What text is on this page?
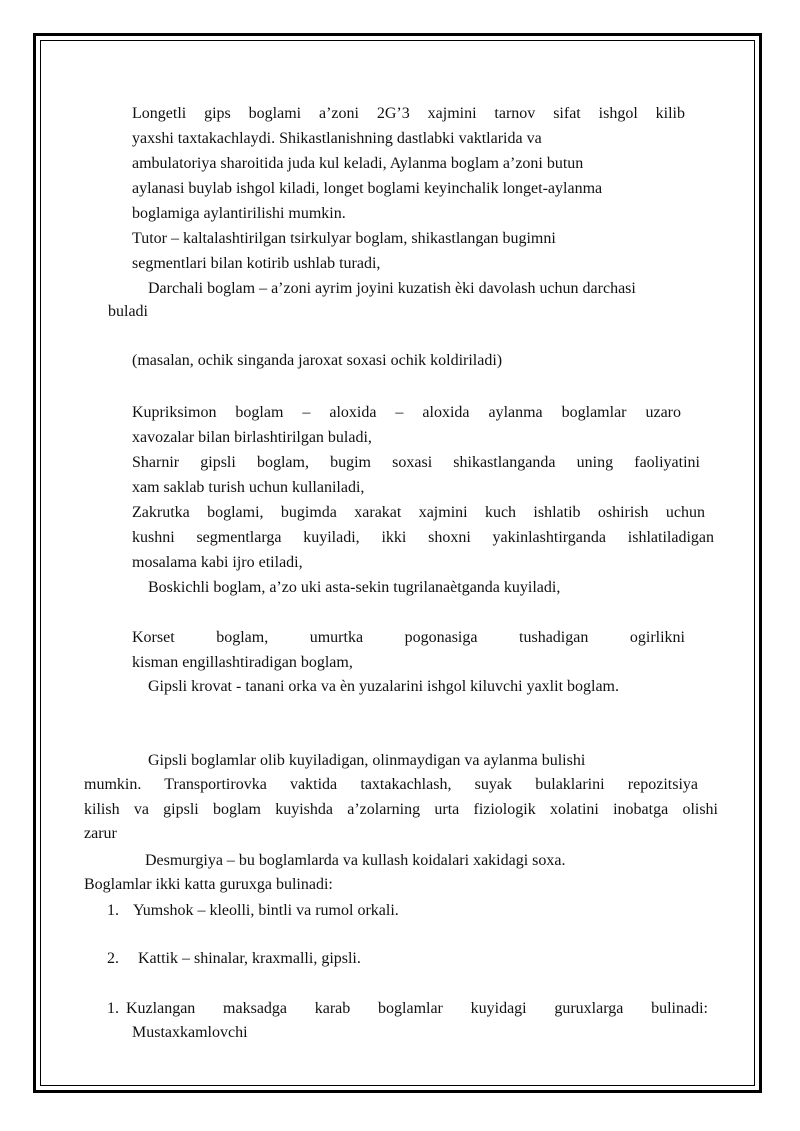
Longetli gips boglami a’zoni 2G’3 xajmini tarnov sifat ishgol kilib
yaxshi taxtakachlaydi. Shikastlanishning dastlabki vaktlarida va
ambulatoriya sharoitida juda kul keladi, Aylanma boglam a’zoni butun
aylanasi buylab ishgol kiladi, longet boglami keyinchalik longet-aylanma
boglamiga aylantirilishi mumkin.
Tutor – kaltalashtirilgan tsirkulyar boglam, shikastlangan bugimni
segmentlari bilan kotirib ushlab turadi,
Darchali boglam – a’zoni ayrim joyini kuzatish èki davolash uchun darchasi
buladi
(masalan, ochik singanda jaroxat soxasi ochik koldiriladi)
Kupriksimon boglam – aloxida – aloxida aylanma boglamlar uzaro
xavozalar bilan birlashtirilgan buladi,
Sharnir gipsli boglam, bugim soxasi shikastlanganda uning faoliyatini
xam saklab turish uchun kullaniladi,
Zakrutka boglami, bugimda xarakat xajmini kuch ishlatib oshirish uchun
kushni segmentlarga kuyiladi, ikki shoxni yakinlashtirganda ishlatiladigan
mosalama kabi ijro etiladi,
Boskichli boglam, a’zo uki asta-sekin tugrilanaètganda kuyiladi,
Korset boglam, umurtka pogonasiga tushadigan ogirlikni
kisman engillashtiradigan boglam,
Gipsli krovat - tanani orka va èn yuzalarini ishgol kiluvchi yaxlit boglam.
Gipsli boglamlar olib kuyiladigan, olinmaydigan va aylanma bulishi
mumkin. Transportirovka vaktida taxtakachlash, suyak bulaklarini repozitsiya
kilish va gipsli boglam kuyishda a’zolarning urta fiziologik xolatini inobatga olishi
zarur
Desmurgiya – bu boglamlarda va kullash koidalari xakidagi soxa.
Boglamlar ikki katta guruxga bulinadi:
1. Yumshok – kleolli, bintli va rumol orkali.
2. Kattik – shinalar, kraxmalli, gipsli.
1. Kuzlangan maksadga karab boglamlar kuyidagi guruxlarga bulinadi:
Mustaxkamlovchi
